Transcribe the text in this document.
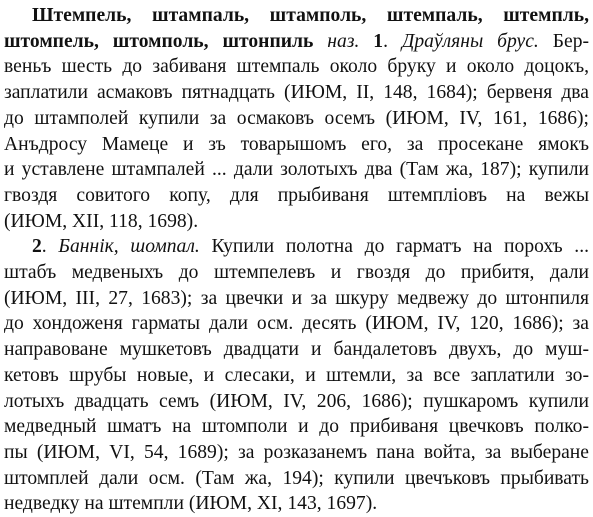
Штемпель, штампаль, штамполь, штемпаль, штемпль,
штомпель, штомполь, штонпиль наз. 1. Драўляны брус. Бер-
веньъ шесть до забиваня штемпаль около бруку и около доцокъ,
заплатили асмаковъ пятнадцать (ИЮМ, II, 148, 1684); бервеня два
до штамполей купили за осмаковъ осемъ (ИЮМ, IV, 161, 1686);
Анъдросу Мамеце и зъ товарышомъ его, за просекане ямокъ
и уставлене штампалей ... дали золотыхъ два (Там жа, 187); купили
гвоздя совитого копу, для прыбиваня штемпліовъ на вежы
(ИЮМ, XII, 118, 1698).

2. Баннік, шомпал. Купили полотна до гарматъ на порохъ ...
штабъ медвеныхъ до штемпелевъ и гвоздя до прибитя, дали
(ИЮМ, III, 27, 1683); за цвечки и за шкуру медвежу до штонпиля
до хондоженя гарматы дали осм. десять (ИЮМ, IV, 120, 1686); за
направоване мушкетовъ двадцати и бандалетовъ двухъ, до муш-
кетовъ шрубы новые, и слесаки, и штемли, за все заплатили зо-
лотыхъ двадцать семъ (ИЮМ, IV, 206, 1686); пушкаромъ купили
медведный шматъ на штомполи и до прибиваня цвечковъ полко-
пы (ИЮМ, VI, 54, 1689); за розказанемъ пана войта, за выберане
штомплей дали осм. (Там жа, 194); купили цвечъковъ прыбивать
недведку на штемпли (ИЮМ, XI, 143, 1697).
